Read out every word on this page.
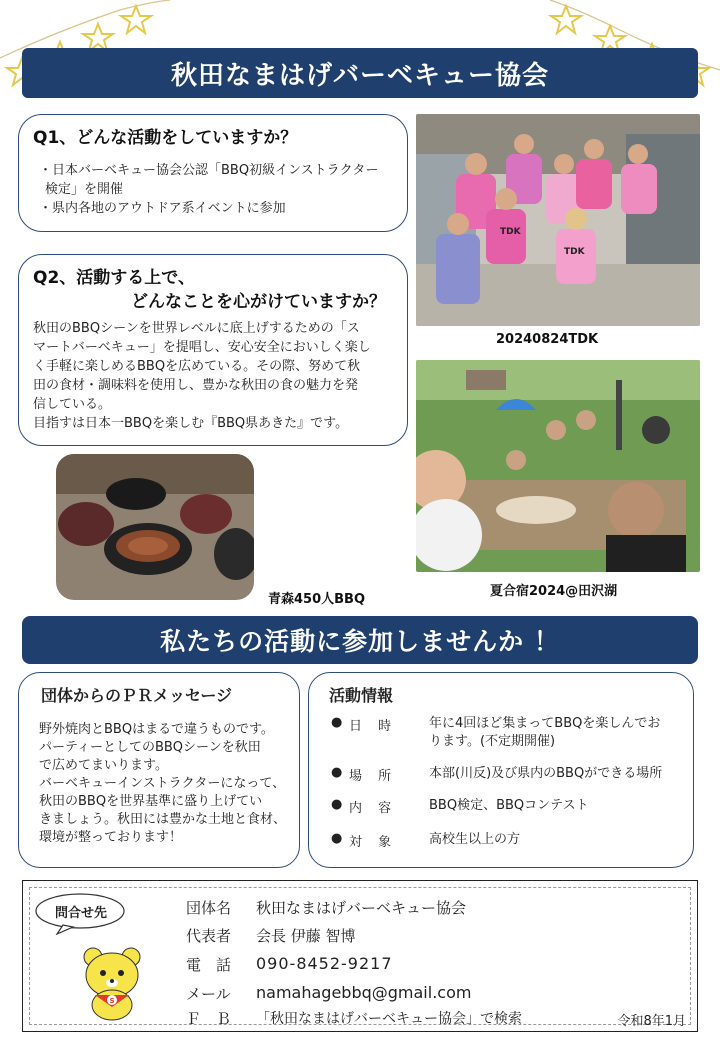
秋田なまはげバーベキュー協会
Q1、どんな活動をしていますか？
・日本バーベキュー協会公認「BBQ初級インストラクター
検定」を開催
・県内各地のアウトドア系イベントに参加
Q2、活動する上で、
どんなことを心がけていますか？
秋田のBBQシーンを世界レベルに底上げするための「ス
マートバーベキュー」を提唱し、安心安全においしく楽し
く手軽に楽しめるBBQを広めている。その際、努めて秋
田の食材・調味料を使用し、豊かな秋田の食の魅力を発
信している。
目指すは日本一BBQを楽しむ『BBQ県あきた』です。
TDK
TDK
20240824TDK
夏合宿2024@田沢湖
青森450人BBQ
私たちの活動に参加しませんか ！
団体からのＰＲメッセージ
野外焼肉とBBQはまるで違うものです。
パーティーとしてのBBQシーンを秋田
で広めてまいります。
バーベキューインストラクターになって、
秋田のBBQを世界基準に盛り上げてい
きましょう。秋田には豊かな土地と食材、
環境が整っております！
活動情報
● 日 時	年に4回ほど集まってBBQを楽しんでお
ります。(不定期開催)
● 場 所	本部(川反)及び県内のBBQができる場所
● 内 容	BBQ検定、BBQコンテスト
● 対 象	高校生以上の方
問合せ先
S
団体名	秋田なまはげバーベキュー協会
代表者	会長 伊藤 智博
電　話	090-8452-9217
メール	namahagebbq@gmail.com
Ｆ　Ｂ	「秋田なまはげバーベキュー協会」で検索	令和8年1月
